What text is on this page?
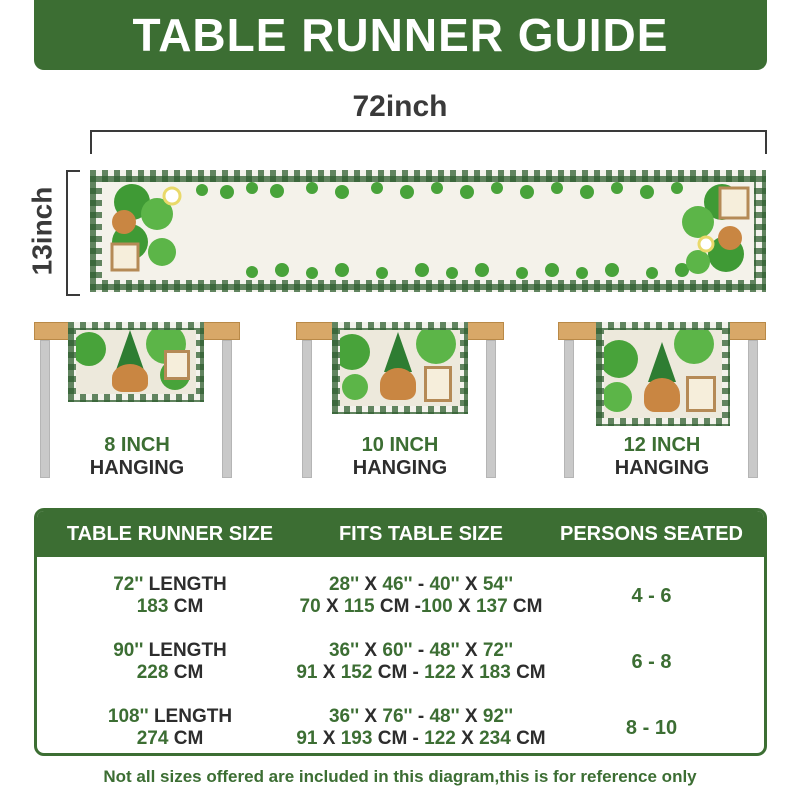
TABLE RUNNER GUIDE
72inch
13inch
8 INCH
HANGING
10 INCH
HANGING
12 INCH
HANGING
TABLE RUNNER SIZE	FITS TABLE SIZE	PERSONS SEATED
72'' LENGTH
183 CM
28'' X 46'' - 40'' X 54''
70 X 115 CM -100 X 137 CM	4 - 6
90'' LENGTH
228 CM
36'' X 60'' - 48'' X 72''
91 X 152 CM - 122 X 183 CM	6 - 8
108'' LENGTH
274 CM
36'' X 76'' - 48'' X 92''
91 X 193 CM - 122 X 234 CM	8 - 10
Not all sizes offered are included in this diagram,this is for reference only
